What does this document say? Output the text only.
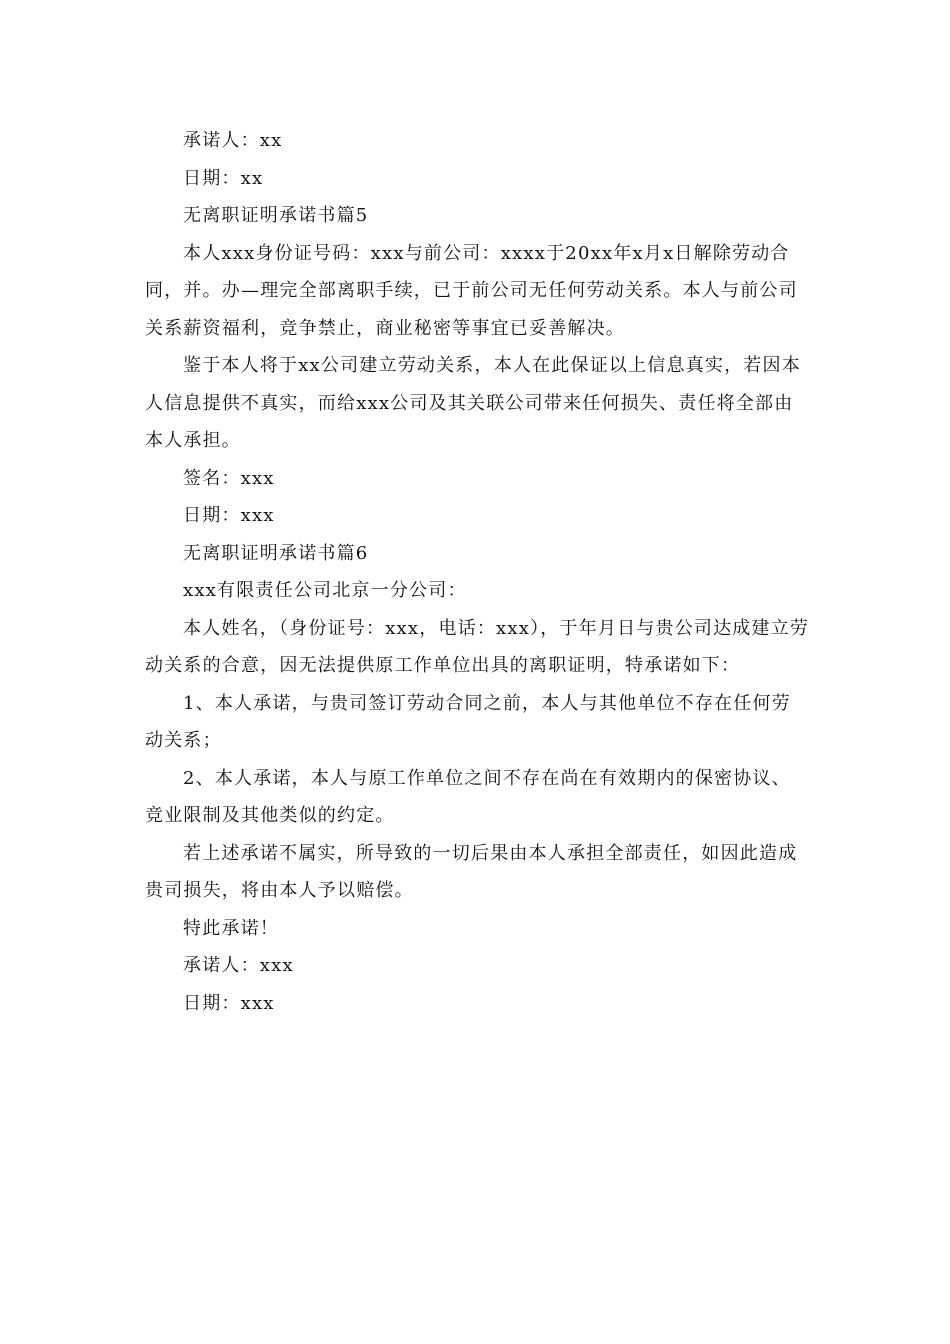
承诺人：xx

日期：xx

无离职证明承诺书篇5

本人xxx身份证号码：xxx与前公司：xxxx于20xx年x月x日解除劳动合同，并。办—理完全部离职手续，已于前公司无任何劳动关系。本人与前公司关系薪资福利，竞争禁止，商业秘密等事宜已妥善解决。

鉴于本人将于xx公司建立劳动关系，本人在此保证以上信息真实，若因本人信息提供不真实，而给xxx公司及其关联公司带来任何损失、责任将全部由本人承担。

签名：xxx

日期：xxx

无离职证明承诺书篇6

xxx有限责任公司北京一分公司：

本人姓名，（身份证号：xxx，电话：xxx），于年月日与贵公司达成建立劳动关系的合意，因无法提供原工作单位出具的离职证明，特承诺如下：

1、本人承诺，与贵司签订劳动合同之前，本人与其他单位不存在任何劳动关系；

2、本人承诺，本人与原工作单位之间不存在尚在有效期内的保密协议、竞业限制及其他类似的约定。

若上述承诺不属实，所导致的一切后果由本人承担全部责任，如因此造成贵司损失，将由本人予以赔偿。

特此承诺！

承诺人：xxx

日期：xxx
